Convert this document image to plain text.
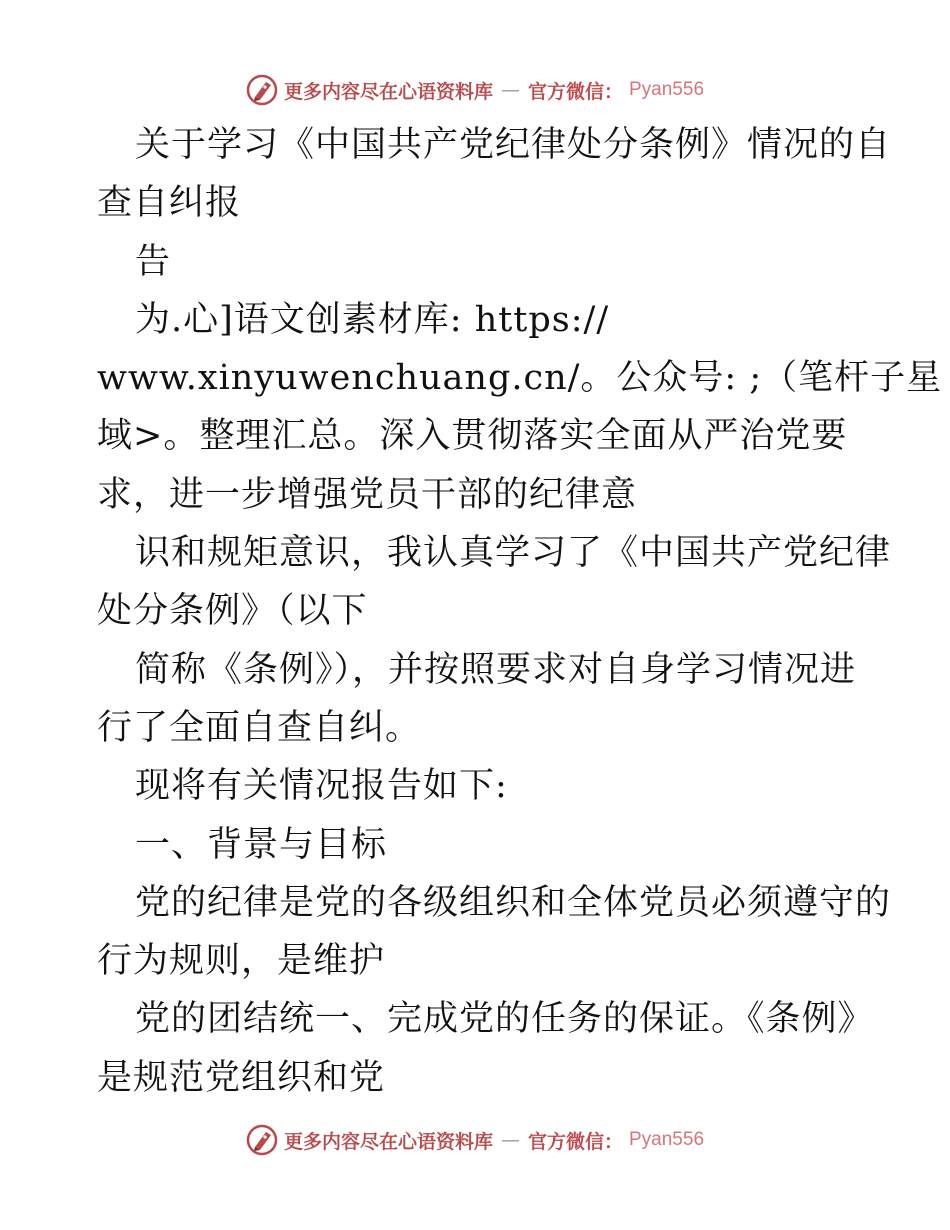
更多内容尽在心语资料库 — 官方微信： Pyan556
关于学习《中国共产党纪律处分条例》情况的自
查自纠报
告
为.心]语文创素材库: https://
www.xinyuwenchuang.cn/。公众号: ;（笔杆子星
域>。整理汇总。深入贯彻落实全面从严治党要
求，进一步增强党员干部的纪律意
识和规矩意识，我认真学习了《中国共产党纪律
处分条例》（以下
简称《条例》），并按照要求对自身学习情况进
行了全面自查自纠。
现将有关情况报告如下:
一、背景与目标
党的纪律是党的各级组织和全体党员必须遵守的
行为规则，是维护
党的团结统一、完成党的任务的保证。《条例》
是规范党组织和党
更多内容尽在心语资料库 — 官方微信： Pyan556
